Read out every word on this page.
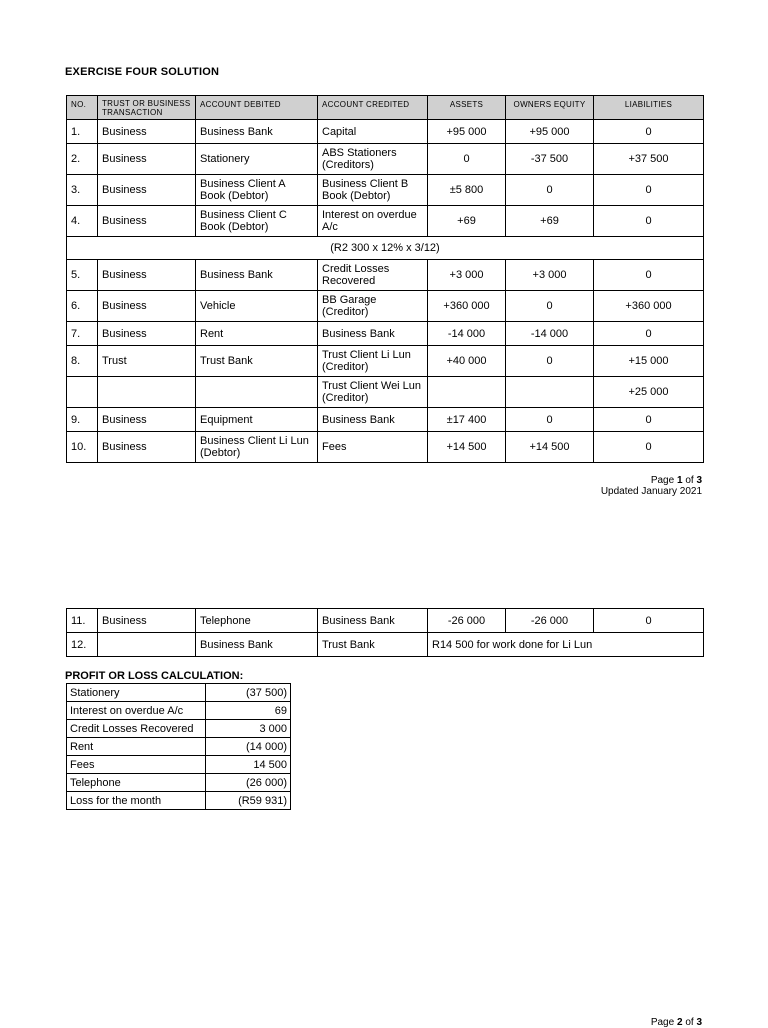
EXERCISE FOUR SOLUTION
NO.	TRUST OR BUSINESS TRANSACTION	ACCOUNT DEBITED	ACCOUNT CREDITED	ASSETS	OWNERS EQUITY	LIABILITIES
1.	Business	Business Bank	Capital	+95 000	+95 000	0
2.	Business	Stationery	ABS Stationers (Creditors)	0	-37 500	+37 500
3.	Business	Business Client A Book (Debtor)	Business Client B Book (Debtor)	±5 800	0	0
4.	Business	Business Client C Book (Debtor)	Interest on overdue A/c	+69	+69	0
(R2 300 x 12% x 3/12)						
5.	Business	Business Bank	Credit Losses Recovered	+3 000	+3 000	0
6.	Business	Vehicle	BB Garage (Creditor)	+360 000	0	+360 000
7.	Business	Rent	Business Bank	-14 000	-14 000	0
8.	Trust	Trust Bank	Trust Client Li Lun (Creditor)	+40 000	0	+15 000
			Trust Client Wei Lun (Creditor)			+25 000
9.	Business	Equipment	Business Bank	±17 400	0	0
10.	Business	Business Client Li Lun (Debtor)	Fees	+14 500	+14 500	0
Page 1 of 3
Updated January 2021
11.	Business	Telephone	Business Bank	-26 000	-26 000	0
12.		Business Bank	Trust Bank	R14 500 for work done for Li Lun		
PROFIT OR LOSS CALCULATION:
Stationery	(37 500)
Interest on overdue A/c	69
Credit Losses Recovered	3 000
Rent	(14 000)
Fees	14 500
Telephone	(26 000)
Loss for the month	(R59 931)
Page 2 of 3
